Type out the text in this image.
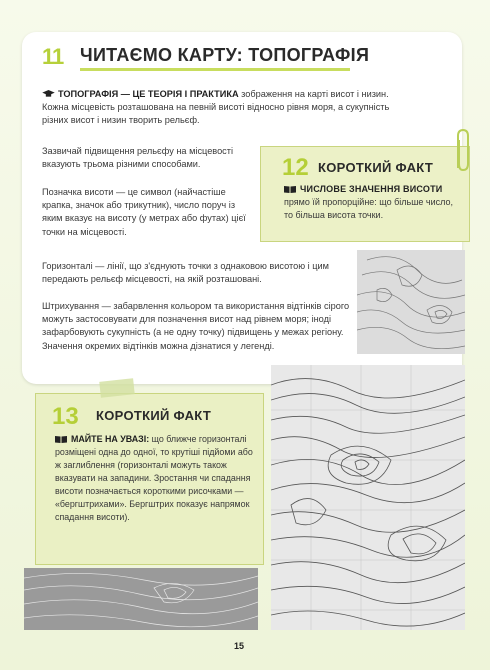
11 ЧИТАЄМО КАРТУ: ТОПОГРАФІЯ
ТОПОГРАФІЯ — ЦЕ ТЕОРІЯ І ПРАКТИКА зображення на карті висот і низин. Кожна місцевість розташована на певній висоті відносно рівня моря, а сукупність різних висот і низин творить рельєф.
Зазвичай підвищення рельєфу на місцевості вказують трьома різними способами.
Позначка висоти — це символ (найчастіше крапка, значок або трикутник), число поруч із яким вказує на висоту (у метрах або футах) цієї точки на місцевості.
Горизонталі — лінії, що з'єднують точки з однаковою висотою і цим передають рельєф місцевості, на якій розташовані.
Штрихування — забарвлення кольором та використання відтінків сірого можуть застосовувати для позначення висот над рівнем моря; іноді зафарбовують сукупність (а не одну точку) підвищень у межах регіону. Значення окремих відтінків можна дізнатися у легенді.
12 КОРОТКИЙ ФАКТ
ЧИСЛОВЕ ЗНАЧЕННЯ ВИСОТИ
прямо їй пропорційне: що більше число, то більша висота точки.
13 КОРОТКИЙ ФАКТ
МАЙТЕ НА УВАЗІ: що ближче горизонталі розміщені одна до одної, то крутіші підйоми або ж заглиблення (горизонталі можуть також вказувати на западини. Зростання чи спадання висоти позначається короткими рисочками — «бергштрихами». Бергштрих показує напрямок спадання висоти).
15
